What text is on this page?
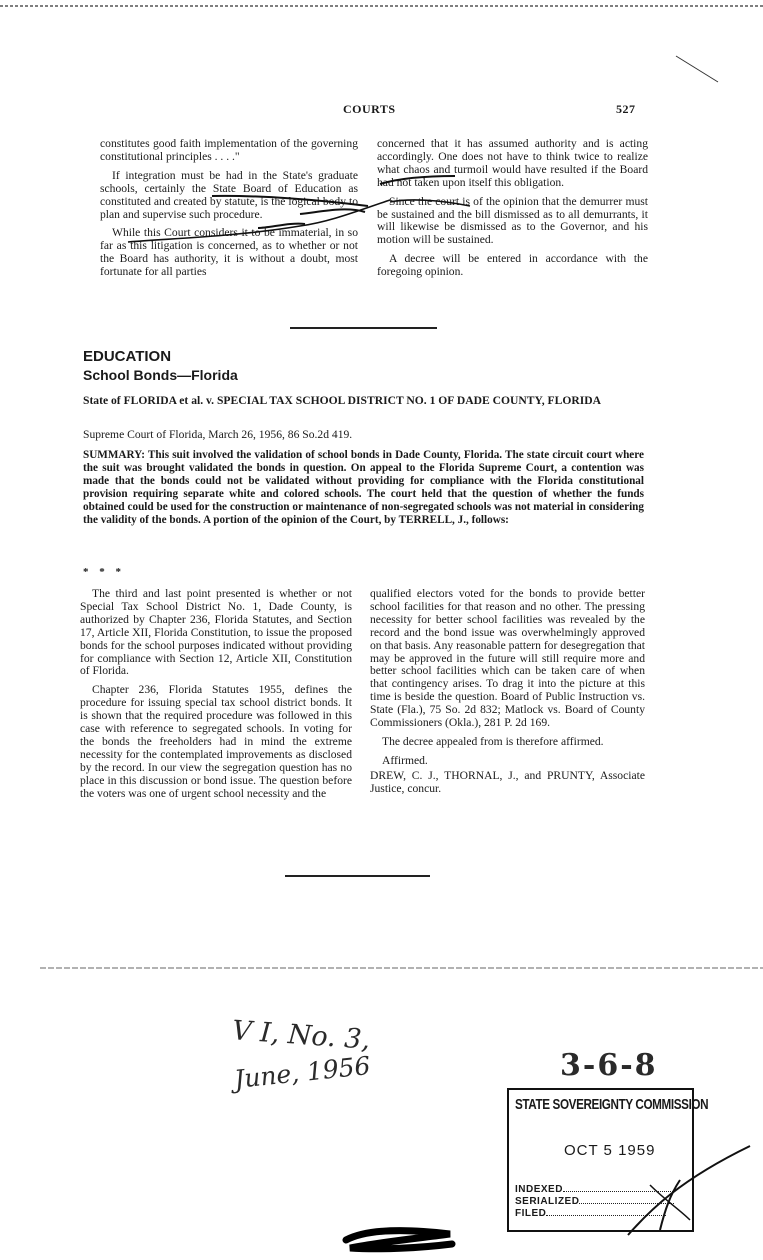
COURTS	527

constitutes good faith implementation of the governing constitutional principles . . . ."

If integration must be had in the State's graduate schools, certainly the State Board of Education as constituted and created by statute, is the logical body to plan and supervise such procedure.

While this Court considers it to be immaterial, in so far as this litigation is concerned, as to whether or not the Board has authority, it is without a doubt, most fortunate for all parties

concerned that it has assumed authority and is acting accordingly. One does not have to think twice to realize what chaos and turmoil would have resulted if the Board had not taken upon itself this obligation.

Since the court is of the opinion that the demurrer must be sustained and the bill dismissed as to all demurrants, it will likewise be dismissed as to the Governor, and his motion will be sustained.

A decree will be entered in accordance with the foregoing opinion.

EDUCATION
School Bonds—Florida
State of FLORIDA et al. v. SPECIAL TAX SCHOOL DISTRICT NO. 1 OF DADE COUNTY, FLORIDA
Supreme Court of Florida, March 26, 1956, 86 So.2d 419.
SUMMARY: This suit involved the validation of school bonds in Dade County, Florida. The state circuit court where the suit was brought validated the bonds in question. On appeal to the Florida Supreme Court, a contention was made that the bonds could not be validated without providing for compliance with the Florida constitutional provision requiring separate white and colored schools. The court held that the question of whether the funds obtained could be used for the construction or maintenance of non-segregated schools was not material in considering the validity of the bonds. A portion of the opinion of the Court, by TERRELL, J., follows:
* * *

The third and last point presented is whether or not Special Tax School District No. 1, Dade County, is authorized by Chapter 236, Florida Statutes, and Section 17, Article XII, Florida Constitution, to issue the proposed bonds for the school purposes indicated without providing for compliance with Section 12, Article XII, Constitution of Florida.

Chapter 236, Florida Statutes 1955, defines the procedure for issuing special tax school district bonds. It is shown that the required procedure was followed in this case with reference to segregated schools. In voting for the bonds the freeholders had in mind the extreme necessity for the contemplated improvements as disclosed by the record. In our view the segregation question has no place in this discussion or bond issue. The question before the voters was one of urgent school necessity and the

qualified electors voted for the bonds to provide better school facilities for that reason and no other. The pressing necessity for better school facilities was revealed by the record and the bond issue was overwhelmingly approved on that basis. Any reasonable pattern for desegregation that may be approved in the future will still require more and better school facilities which can be taken care of when that contingency arises. To drag it into the picture at this time is beside the question. Board of Public Instruction vs. State (Fla.), 75 So. 2d 832; Matlock vs. Board of County Commissioners (Okla.), 281 P. 2d 169.

The decree appealed from is therefore affirmed.

Affirmed.

DREW, C. J., THORNAL, J., and PRUNTY, Associate Justice, concur.

V I, No. 3,
June, 1956	3-6-8
STATE SOVEREIGNTY COMMISSION
OCT 5 1959
INDEXED
SERIALIZED
FILED
